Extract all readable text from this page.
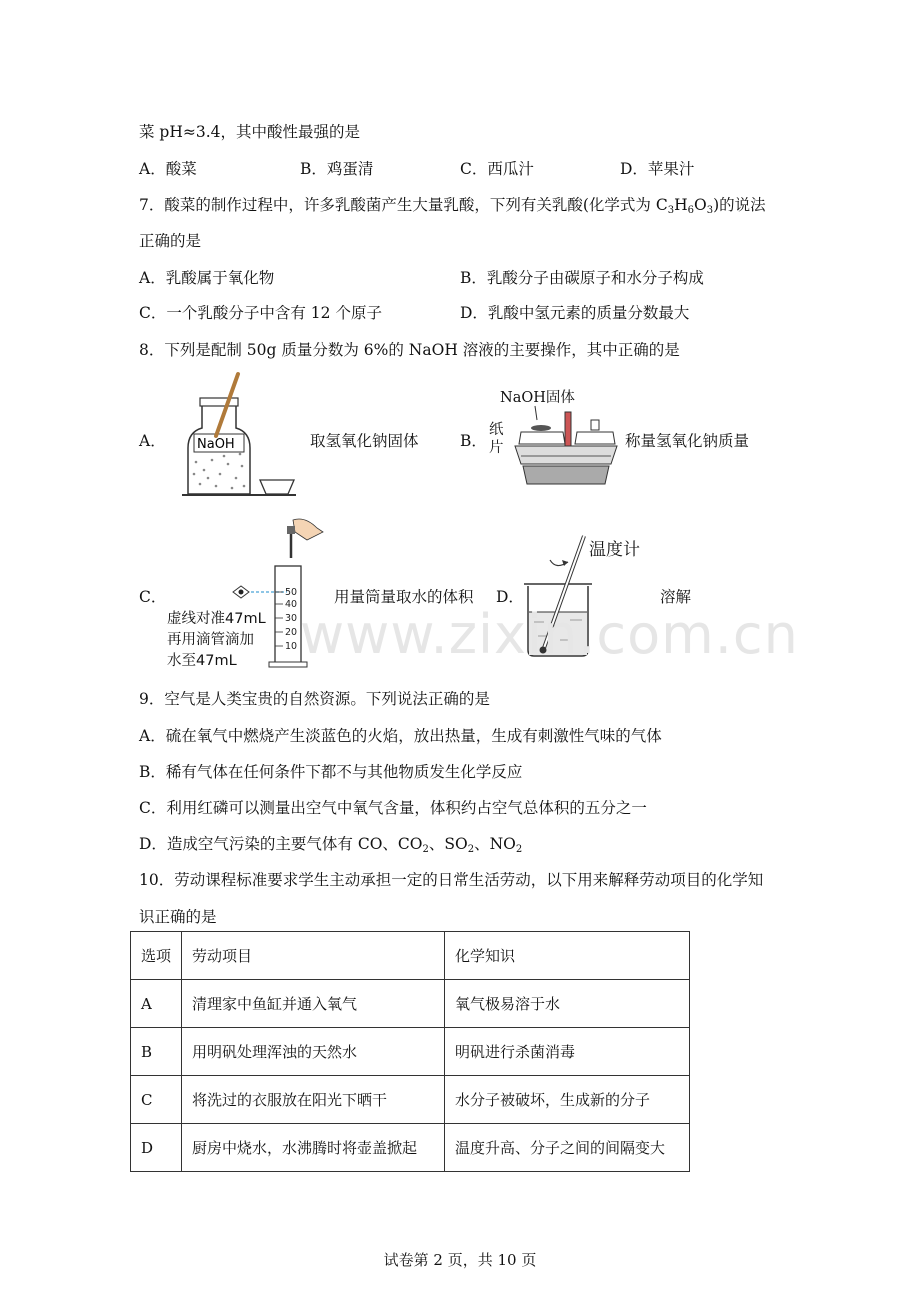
菜 pH≈3.4，其中酸性最强的是
A．酸菜	B．鸡蛋清	C．西瓜汁	D．苹果汁
7．酸菜的制作过程中，许多乳酸菌产生大量乳酸，下列有关乳酸(化学式为 $C_3H_6O_3$)的说法
正确的是
A．乳酸属于氧化物	B．乳酸分子由碳原子和水分子构成
C．一个乳酸分子中含有 12 个原子	D．乳酸中氢元素的质量分数最大
8．下列是配制 50g 质量分数为 6%的 NaOH 溶液的主要操作，其中正确的是
A． NaOH	取氢氧化钠固体	B．
NaOH固体
纸
片	称量氢氧化钠质量
C．	50
40
30
20
10
虚线对准47mL
再用滴管滴加
水至47mL
用量筒量取水的体积 D．
温度计
溶解
www.zixin.com.cn
9．空气是人类宝贵的自然资源。下列说法正确的是
A．硫在氧气中燃烧产生淡蓝色的火焰，放出热量，生成有刺激性气味的气体
B．稀有气体在任何条件下都不与其他物质发生化学反应
C．利用红磷可以测量出空气中氧气含量，体积约占空气总体积的五分之一
D．造成空气污染的主要气体有 CO、$CO_2$、$SO_2$、$NO_2$
10．劳动课程标准要求学生主动承担一定的日常生活劳动，以下用来解释劳动项目的化学知
识正确的是
选项	劳动项目	化学知识
A	清理家中鱼缸并通入氧气	氧气极易溶于水
B	用明矾处理浑浊的天然水	明矾进行杀菌消毒
C	将洗过的衣服放在阳光下晒干	水分子被破坏，生成新的分子
D	厨房中烧水，水沸腾时将壶盖掀起	温度升高、分子之间的间隔变大
试卷第 2 页，共 10 页
